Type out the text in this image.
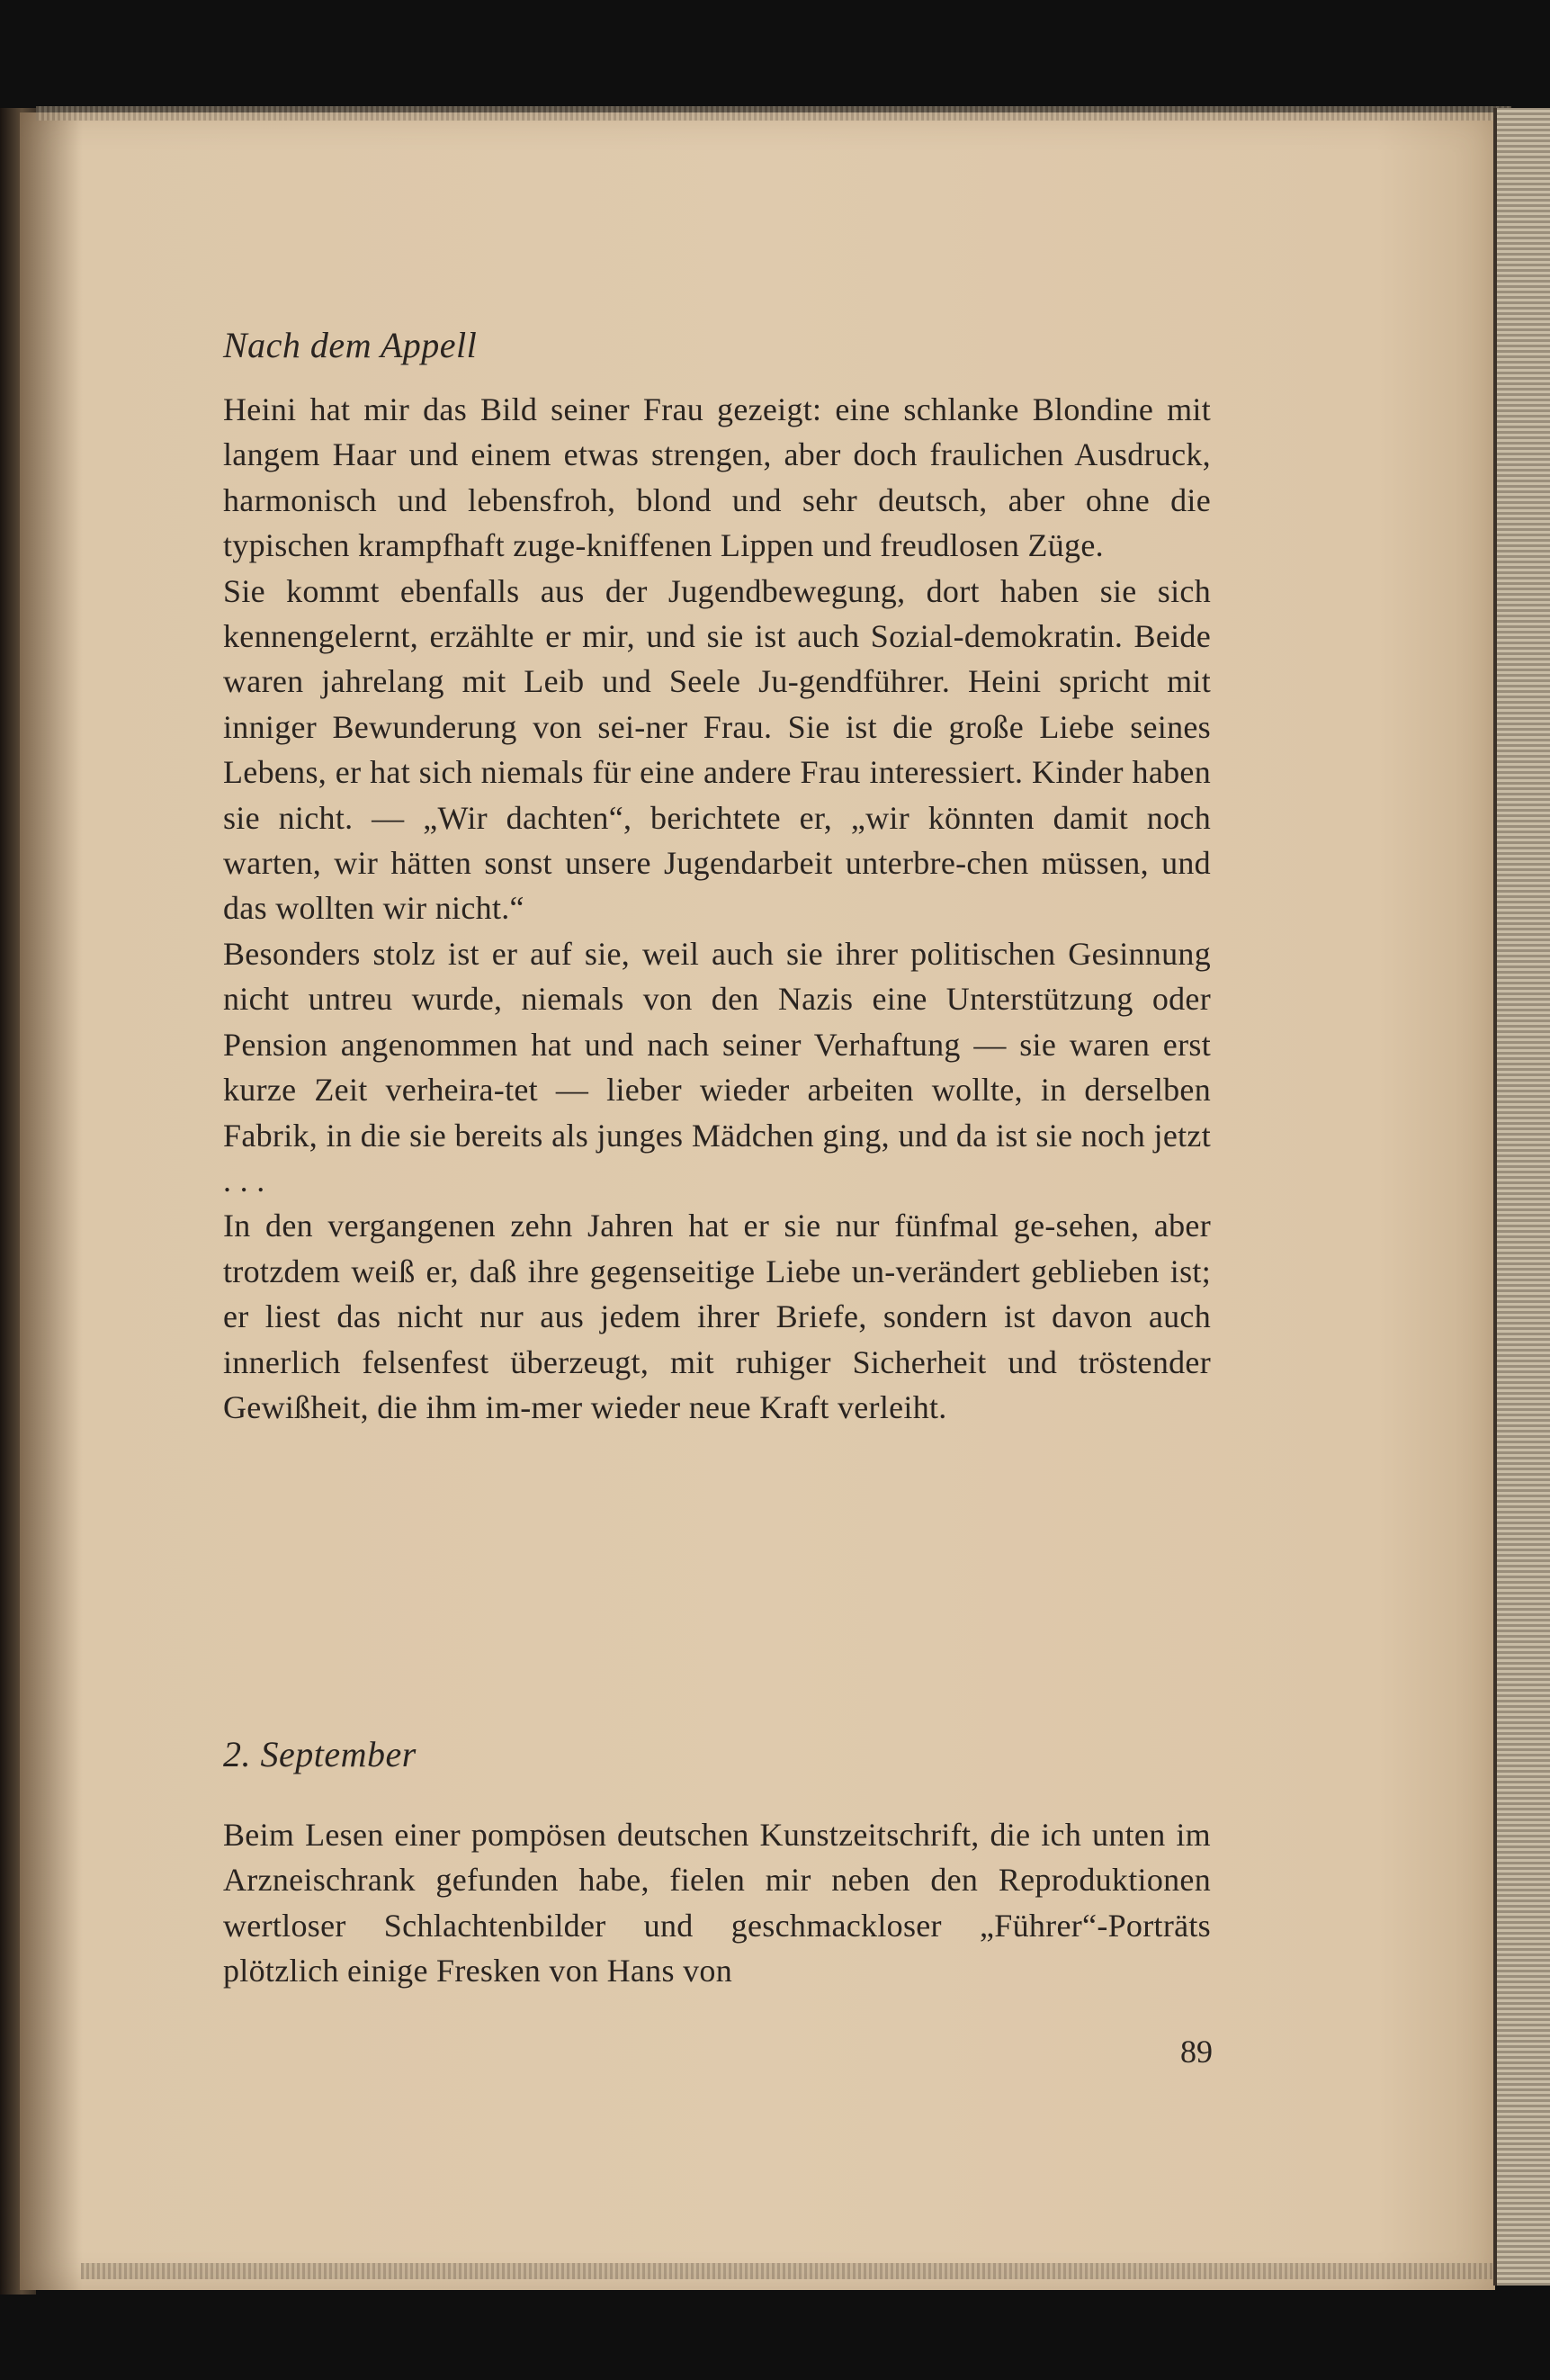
Nach dem Appell

Heini hat mir das Bild seiner Frau gezeigt: eine schlanke Blondine mit langem Haar und einem etwas strengen, aber doch fraulichen Ausdruck, harmonisch und lebensfroh, blond und sehr deutsch, aber ohne die typischen krampfhaft zuge-kniffenen Lippen und freudlosen Züge.

Sie kommt ebenfalls aus der Jugendbewegung, dort haben sie sich kennengelernt, erzählte er mir, und sie ist auch Sozial-demokratin. Beide waren jahrelang mit Leib und Seele Ju-gendführer. Heini spricht mit inniger Bewunderung von sei-ner Frau. Sie ist die große Liebe seines Lebens, er hat sich niemals für eine andere Frau interessiert. Kinder haben sie nicht. — „Wir dachten“, berichtete er, „wir könnten damit noch warten, wir hätten sonst unsere Jugendarbeit unterbre-chen müssen, und das wollten wir nicht.“

Besonders stolz ist er auf sie, weil auch sie ihrer politischen Gesinnung nicht untreu wurde, niemals von den Nazis eine Unterstützung oder Pension angenommen hat und nach seiner Verhaftung — sie waren erst kurze Zeit verheira-tet — lieber wieder arbeiten wollte, in derselben Fabrik, in die sie bereits als junges Mädchen ging, und da ist sie noch jetzt . . .

In den vergangenen zehn Jahren hat er sie nur fünfmal ge-sehen, aber trotzdem weiß er, daß ihre gegenseitige Liebe un-verändert geblieben ist; er liest das nicht nur aus jedem ihrer Briefe, sondern ist davon auch innerlich felsenfest überzeugt, mit ruhiger Sicherheit und tröstender Gewißheit, die ihm im-mer wieder neue Kraft verleiht.

2. September

Beim Lesen einer pompösen deutschen Kunstzeitschrift, die ich unten im Arzneischrank gefunden habe, fielen mir neben den Reproduktionen wertloser Schlachtenbilder und geschmackloser „Führer“-Porträts plötzlich einige Fresken von Hans von

89
